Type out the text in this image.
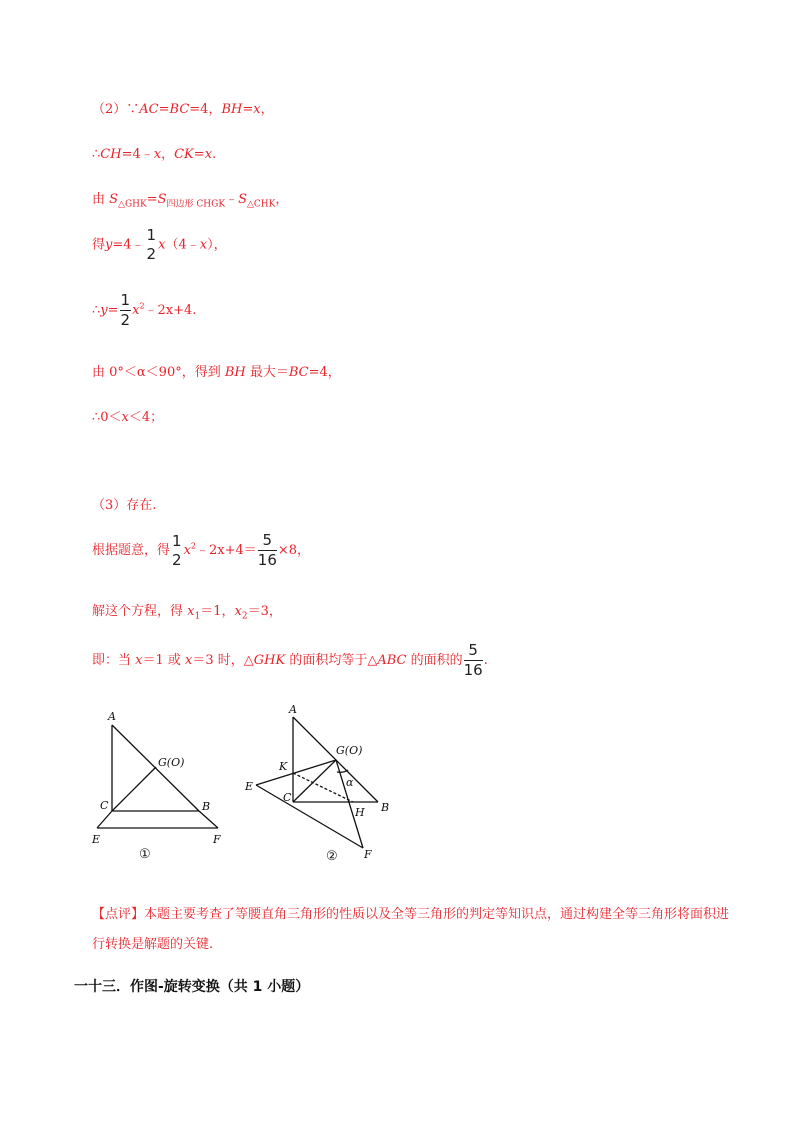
（2）∵AC=BC=4，BH=x，
∴CH=4﹣x，CK=x.
由 $S_{\triangle GHK}=S_{四边形 CHGK}﹣S_{\triangle CHK}$，
得y=4﹣
1
2 x（4﹣x），
∴y= $\frac{1}{2}$ $x^2﹣2x+4$.
由 0°＜α＜90°，得到 BH 最大＝BC=4，
∴0＜x＜4；
（3）存在.
根据题意，得
1
2 $x^2﹣2x+4= \frac{5}{16} \times 8$，
解这个方程，得 $x_1=1$，$x_2=3$，
即：当 x＝1 或 x＝3 时，△GHK 的面积均等于△ABC 的面积的 $\frac{5}{16}$ .
A
G(O)
C	B
E	F
①
A
G(O)
K
E
C
α
H B
F
②
【点评】本题主要考查了等腰直角三角形的性质以及全等三角形的判定等知识点，通过构建全等三角形将面积进行转换是解题的关键.
一十三．作图-旋转变换（共 1 小题）
